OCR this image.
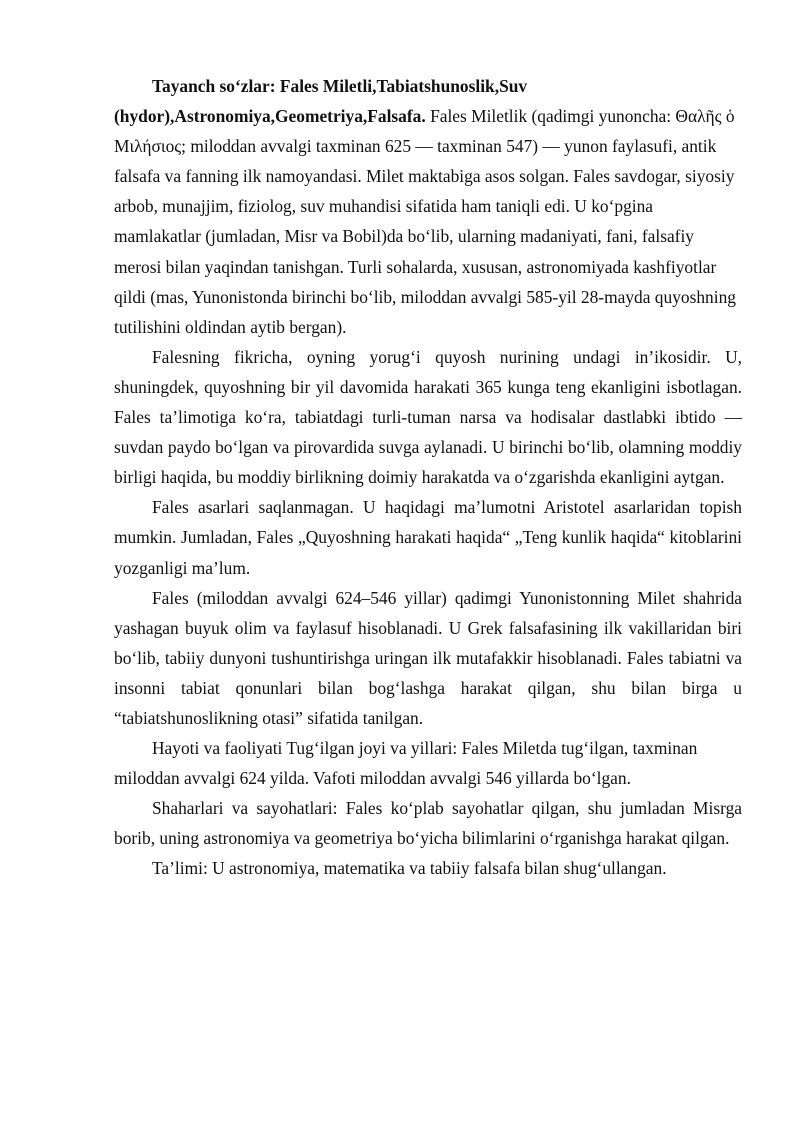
Tayanch so‘zlar: Fales Miletli,Tabiatshunoslik,Suv (hydor),Astronomiya,Geometriya,Falsafa. Fales Miletlik (qadimgi yunoncha: Θαλῆς ὁ Μιλήσιος; miloddan avvalgi taxminan 625 — taxminan 547) — yunon faylasufi, antik falsafa va fanning ilk namoyandasi. Milet maktabiga asos solgan. Fales savdogar, siyosiy arbob, munajjim, fiziolog, suv muhandisi sifatida ham taniqli edi. U ko‘pgina mamlakatlar (jumladan, Misr va Bobil)da bo‘lib, ularning madaniyati, fani, falsafiy merosi bilan yaqindan tanishgan. Turli sohalarda, xususan, astronomiyada kashfiyotlar qildi (mas, Yunonistonda birinchi bo‘lib, miloddan avvalgi 585-yil 28-mayda quyoshning tutilishini oldindan aytib bergan).

Falesning fikricha, oyning yorug‘i quyosh nurining undagi in’ikosidir. U, shuningdek, quyoshning bir yil davomida harakati 365 kunga teng ekanligini isbotlagan. Fales ta’limotiga ko‘ra, tabiatdagi turli-tuman narsa va hodisalar dastlabki ibtido — suvdan paydo bo‘lgan va pirovardida suvga aylanadi. U birinchi bo‘lib, olamning moddiy birligi haqida, bu moddiy birlikning doimiy harakatda va o‘zgarishda ekanligini aytgan.

Fales asarlari saqlanmagan. U haqidagi ma’lumotni Aristotel asarlaridan topish mumkin. Jumladan, Fales „Quyoshning harakati haqida“ „Teng kunlik haqida“ kitoblarini yozganligi ma’lum.

Fales (miloddan avvalgi 624–546 yillar) qadimgi Yunonistonning Milet shahrida yashagan buyuk olim va faylasuf hisoblanadi. U Grek falsafasining ilk vakillaridan biri bo‘lib, tabiiy dunyoni tushuntirishga uringan ilk mutafakkir hisoblanadi. Fales tabiatni va insonni tabiat qonunlari bilan bog‘lashga harakat qilgan, shu bilan birga u “tabiatshunoslikning otasi” sifatida tanilgan.

Hayoti va faoliyati Tug‘ilgan joyi va yillari: Fales Miletda tug‘ilgan, taxminan miloddan avvalgi 624 yilda. Vafoti miloddan avvalgi 546 yillarda bo‘lgan.

Shaharlari va sayohatlari: Fales ko‘plab sayohatlar qilgan, shu jumladan Misrga borib, uning astronomiya va geometriya bo‘yicha bilimlarini o‘rganishga harakat qilgan.

Ta’limi: U astronomiya, matematika va tabiiy falsafa bilan shug‘ullangan.
